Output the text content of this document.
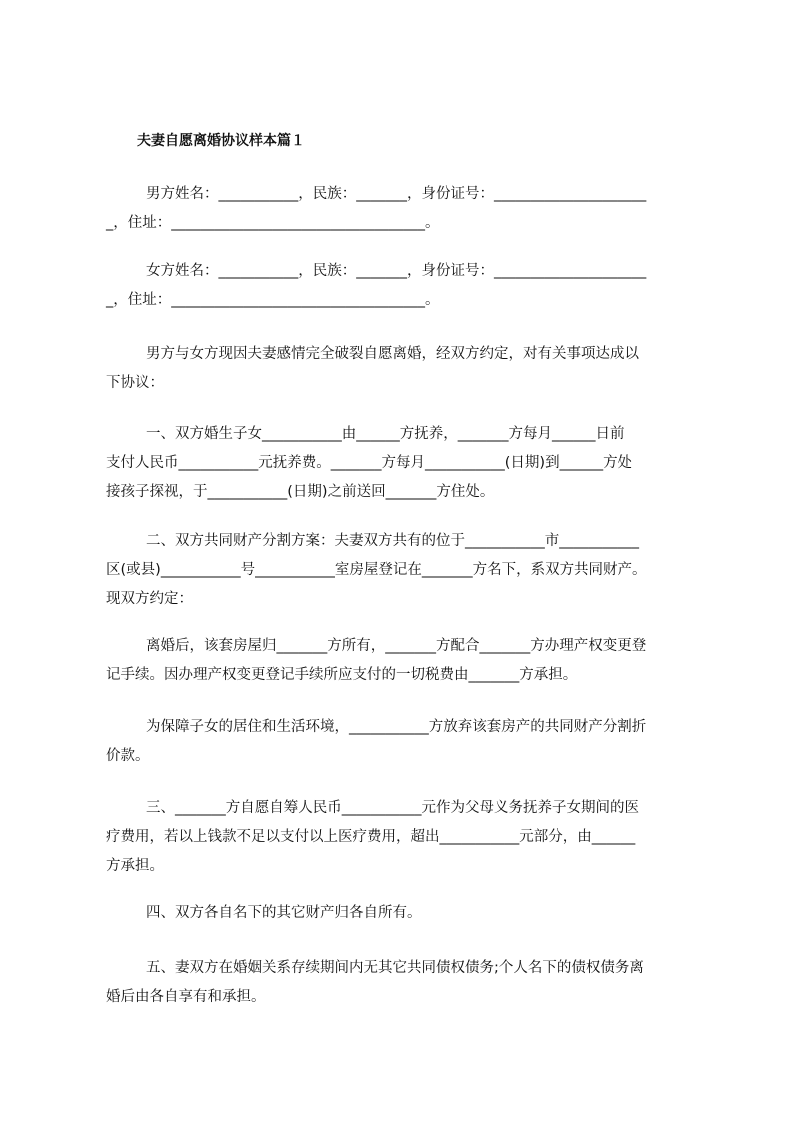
夫妻自愿离婚协议样本篇１
男方姓名：___________，民族：_______，身份证号：_____________________
_，住址：___________________________________。
女方姓名：___________，民族：_______，身份证号：_____________________
_，住址：___________________________________。
男方与女方现因夫妻感情完全破裂自愿离婚，经双方约定，对有关事项达成以
下协议：
一、双方婚生子女___________由______方抚养，_______方每月______日前
支付人民币___________元抚养费。_______方每月___________(日期)到______方处
接孩子探视，于___________(日期)之前送回_______方住处。
二、双方共同财产分割方案：夫妻双方共有的位于___________市___________
区(或县)___________号___________室房屋登记在_______方名下，系双方共同财产。
现双方约定：
离婚后，该套房屋归_______方所有，_______方配合_______方办理产权变更登
记手续。因办理产权变更登记手续所应支付的一切税费由_______方承担。
为保障子女的居住和生活环境，___________方放弃该套房产的共同财产分割折
价款。
三、_______方自愿自筹人民币___________元作为父母义务抚养子女期间的医
疗费用，若以上钱款不足以支付以上医疗费用，超出___________元部分，由______
方承担。
四、双方各自名下的其它财产归各自所有。
五、妻双方在婚姻关系存续期间内无其它共同债权债务;个人名下的债权债务离
婚后由各自享有和承担。
